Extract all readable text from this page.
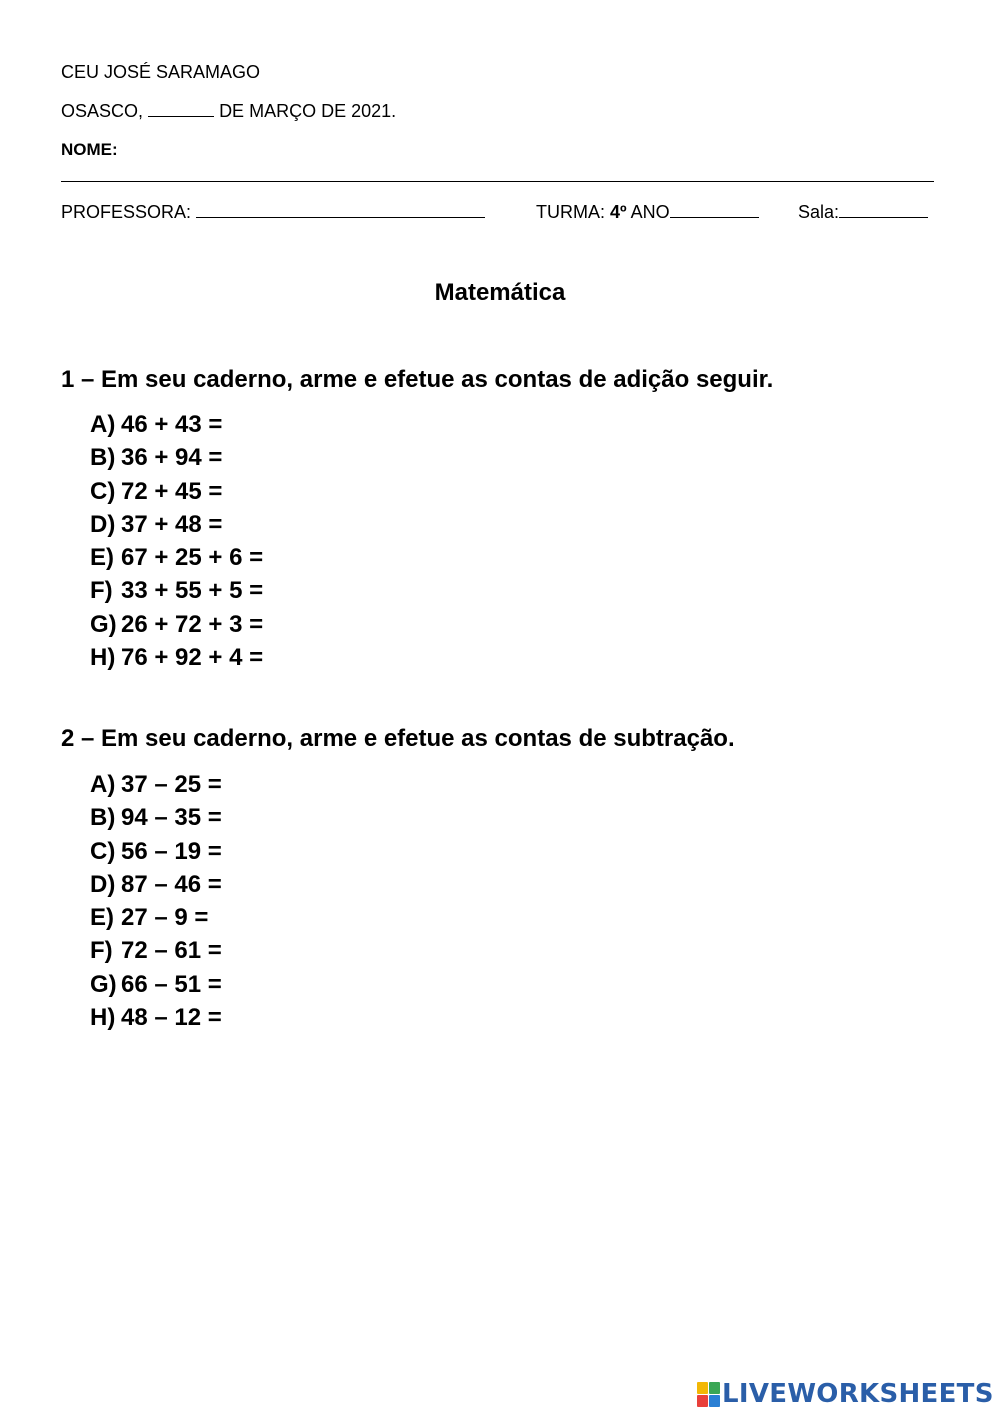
CEU JOSÉ SARAMAGO
OSASCO,	DE MARÇO DE 2021.
NOME:
PROFESSORA:	TURMA: 4º ANO	Sala:
Matemática
1 – Em seu caderno, arme e efetue as contas de adição seguir.
A) 46 + 43 =
B) 36 + 94 =
C) 72 + 45 =
D) 37 + 48 =
E) 67 + 25 + 6 =
F) 33 + 55 + 5 =
G) 26 + 72 + 3 =
H) 76 + 92 + 4 =
2 – Em seu caderno, arme e efetue as contas de subtração.
A) 37 – 25 =
B) 94 – 35 =
C) 56 – 19 =
D) 87 – 46 =
E) 27 – 9 =
F) 72 – 61 =
G) 66 – 51 =
H) 48 – 12 =
LIVEWORKSHEETS
